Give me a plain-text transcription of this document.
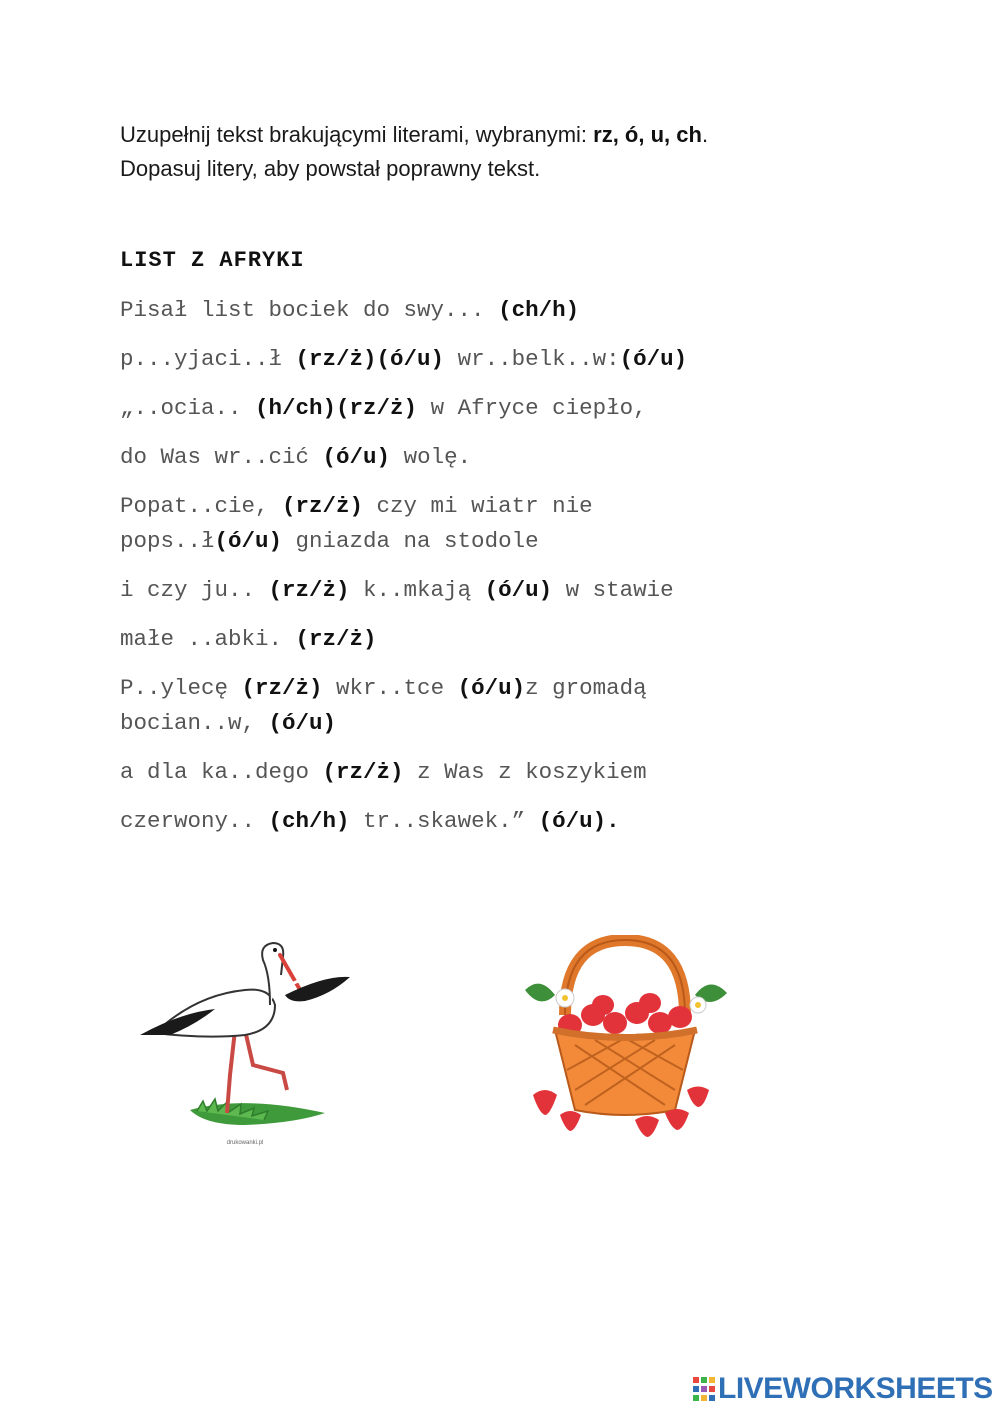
Uzupełnij tekst brakującymi literami, wybranymi: rz, ó, u, ch.
Dopasuj litery, aby powstał poprawny tekst.
LIST Z AFRYKI
Pisał list bociek do swy... (ch/h)
p...yjaci..ł (rz/ż)(ó/u) wr..belk..w:(ó/u)
„..ocia.. (h/ch)(rz/ż) w Afryce ciepło,
do Was wr..cić (ó/u) wolę.
Popat..cie, (rz/ż) czy mi wiatr nie
pops..ł(ó/u) gniazda na stodole
i czy ju.. (rz/ż) k..mkają (ó/u) w stawie
małe ..abki. (rz/ż)
P..ylecę (rz/ż) wkr..tce (ó/u)z gromadą
bocian..w, (ó/u)
a dla ka..dego (rz/ż) z Was z koszykiem
czerwony.. (ch/h) tr..skawek.” (ó/u).
drukowanki.pl
LIVEWORKSHEETS
